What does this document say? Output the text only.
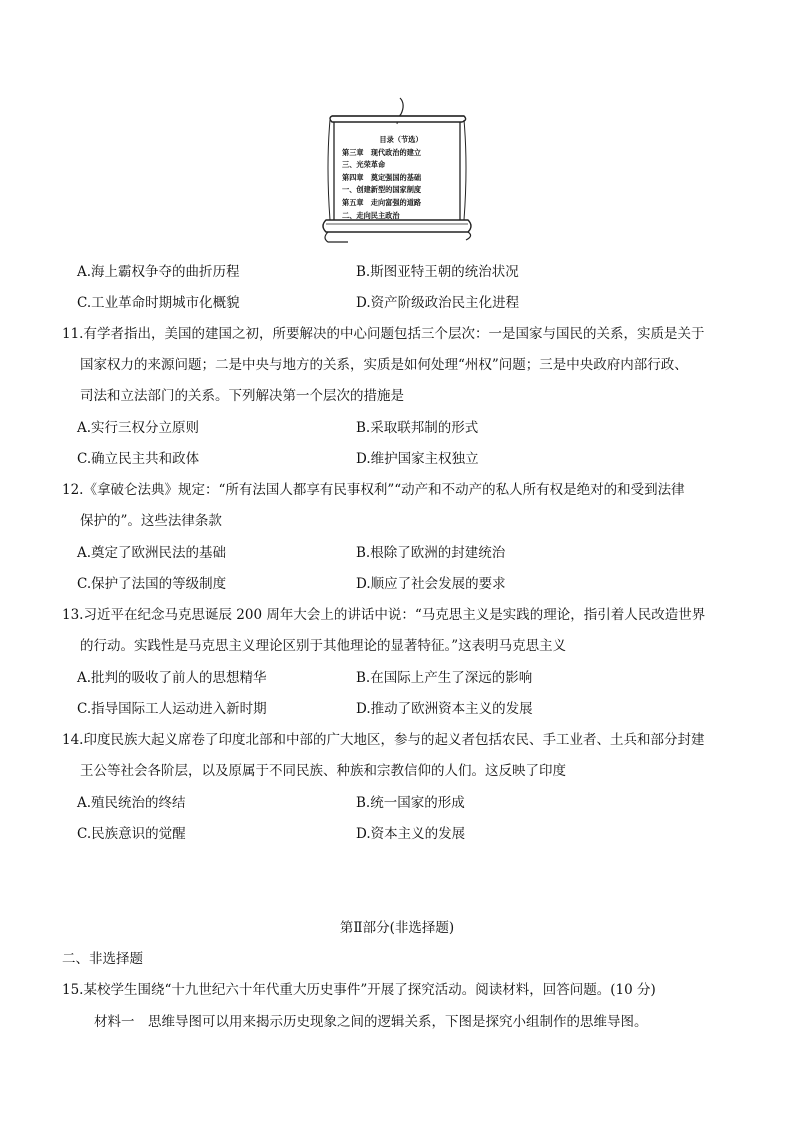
目录（节选）
第三章　现代政治的建立
三、光荣革命
第四章　奠定强国的基础
一、创建新型的国家制度
第五章　走向富强的道路
二、走向民主政治
A.海上霸权争夺的曲折历程	B.斯图亚特王朝的统治状况
C.工业革命时期城市化概貌	D.资产阶级政治民主化进程
11.有学者指出，美国的建国之初，所要解决的中心问题包括三个层次：一是国家与国民的关系，实质是关于
国家权力的来源问题；二是中央与地方的关系，实质是如何处理“州权”问题；三是中央政府内部行政、
司法和立法部门的关系。下列解决第一个层次的措施是
A.实行三权分立原则	B.采取联邦制的形式
C.确立民主共和政体	D.维护国家主权独立
12.《拿破仑法典》规定：“所有法国人都享有民事权利”“动产和不动产的私人所有权是绝对的和受到法律
保护的”。这些法律条款
A.奠定了欧洲民法的基础	B.根除了欧洲的封建统治
C.保护了法国的等级制度	D.顺应了社会发展的要求
13.习近平在纪念马克思诞辰 200 周年大会上的讲话中说：“马克思主义是实践的理论，指引着人民改造世界
的行动。实践性是马克思主义理论区别于其他理论的显著特征。”这表明马克思主义
A.批判的吸收了前人的思想精华	B.在国际上产生了深远的影响
C.指导国际工人运动进入新时期	D.推动了欧洲资本主义的发展
14.印度民族大起义席卷了印度北部和中部的广大地区，参与的起义者包括农民、手工业者、土兵和部分封建
王公等社会各阶层，以及原属于不同民族、种族和宗教信仰的人们。这反映了印度
A.殖民统治的终结	B.统一国家的形成
C.民族意识的觉醒	D.资本主义的发展
第Ⅱ部分(非选择题)
二、非选择题
15.某校学生围绕“十九世纪六十年代重大历史事件”开展了探究活动。阅读材料，回答问题。(10 分)
材料一　思维导图可以用来揭示历史现象之间的逻辑关系，下图是探究小组制作的思维导图。
